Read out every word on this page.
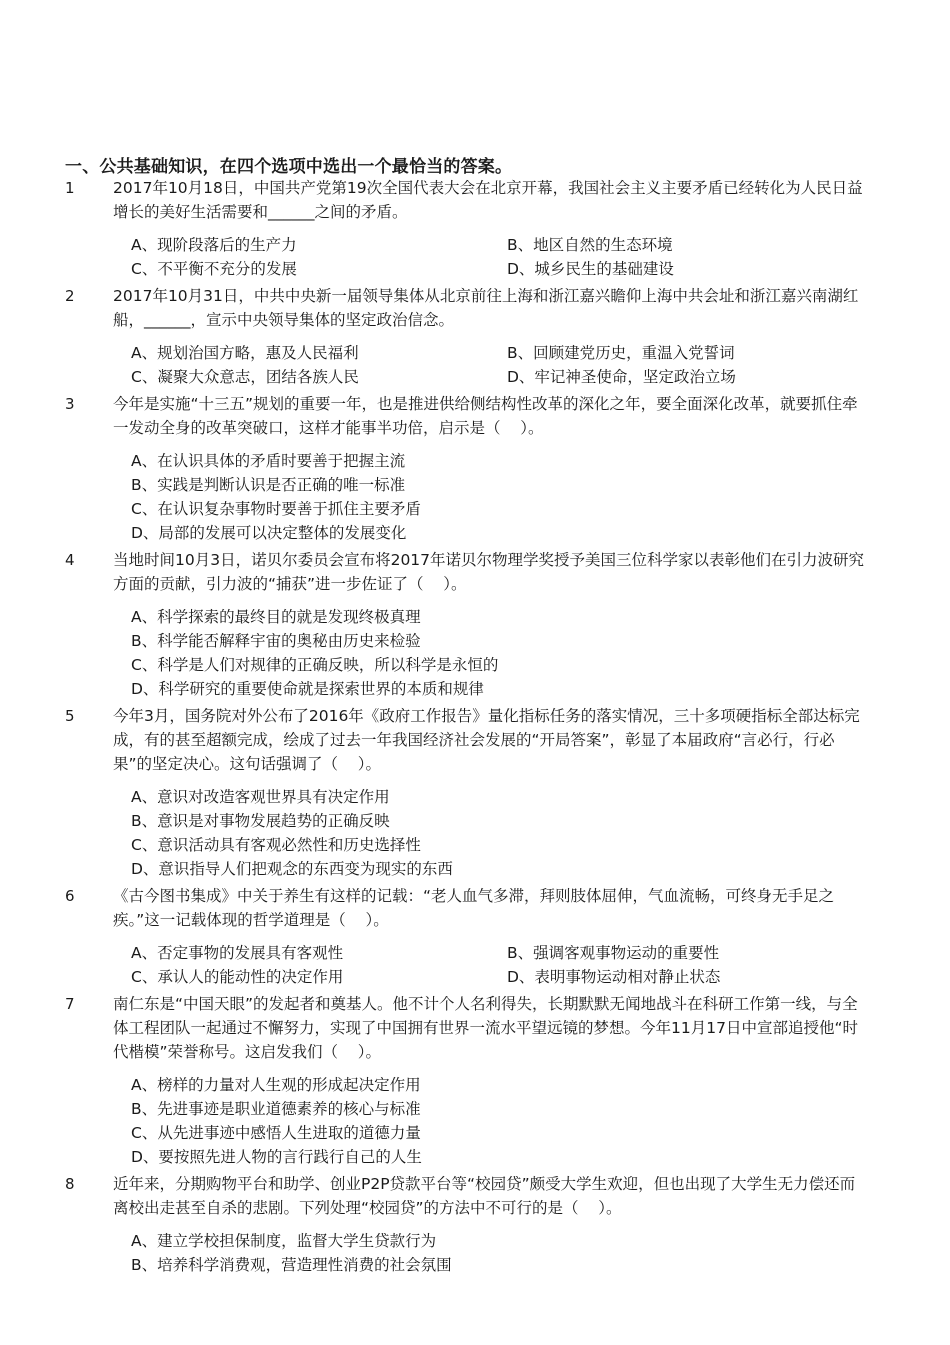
一、公共基础知识，在四个选项中选出一个最恰当的答案。
1 2017年10月18日，中国共产党第19次全国代表大会在北京开幕，我国社会主义主要矛盾已经转化为人民日益增长的美好生活需要和______之间的矛盾。
A、现阶段落后的生产力	B、地区自然的生态环境
C、不平衡不充分的发展	D、城乡民生的基础建设
2 2017年10月31日，中共中央新一届领导集体从北京前往上海和浙江嘉兴瞻仰上海中共会址和浙江嘉兴南湖红船，______，宣示中央领导集体的坚定政治信念。
A、规划治国方略，惠及人民福利	B、回顾建党历史，重温入党誓词
C、凝聚大众意志，团结各族人民	D、牢记神圣使命，坚定政治立场
3 今年是实施“十三五”规划的重要一年，也是推进供给侧结构性改革的深化之年，要全面深化改革，就要抓住牵一发动全身的改革突破口，这样才能事半功倍，启示是（    ）。
A、在认识具体的矛盾时要善于把握主流
B、实践是判断认识是否正确的唯一标准
C、在认识复杂事物时要善于抓住主要矛盾
D、局部的发展可以决定整体的发展变化
4 当地时间10月3日，诺贝尔委员会宣布将2017年诺贝尔物理学奖授予美国三位科学家以表彰他们在引力波研究方面的贡献，引力波的“捕获”进一步佐证了（    ）。
A、科学探索的最终目的就是发现终极真理
B、科学能否解释宇宙的奥秘由历史来检验
C、科学是人们对规律的正确反映，所以科学是永恒的
D、科学研究的重要使命就是探索世界的本质和规律
5 今年3月，国务院对外公布了2016年《政府工作报告》量化指标任务的落实情况，三十多项硬指标全部达标完成，有的甚至超额完成，绘成了过去一年我国经济社会发展的“开局答案”，彰显了本届政府“言必行，行必果”的坚定决心。这句话强调了（    ）。
A、意识对改造客观世界具有决定作用
B、意识是对事物发展趋势的正确反映
C、意识活动具有客观必然性和历史选择性
D、意识指导人们把观念的东西变为现实的东西
6 《古今图书集成》中关于养生有这样的记载：“老人血气多滞，拜则肢体屈伸，气血流畅，可终身无手足之疾。”这一记载体现的哲学道理是（    ）。
A、否定事物的发展具有客观性	B、强调客观事物运动的重要性
C、承认人的能动性的决定作用	D、表明事物运动相对静止状态
7 南仁东是“中国天眼”的发起者和奠基人。他不计个人名利得失，长期默默无闻地战斗在科研工作第一线，与全体工程团队一起通过不懈努力，实现了中国拥有世界一流水平望远镜的梦想。今年11月17日中宣部追授他“时代楷模”荣誉称号。这启发我们（    ）。
A、榜样的力量对人生观的形成起决定作用
B、先进事迹是职业道德素养的核心与标准
C、从先进事迹中感悟人生进取的道德力量
D、要按照先进人物的言行践行自己的人生
8 近年来，分期购物平台和助学、创业P2P贷款平台等“校园贷”颇受大学生欢迎，但也出现了大学生无力偿还而离校出走甚至自杀的悲剧。下列处理“校园贷”的方法中不可行的是（    ）。
A、建立学校担保制度，监督大学生贷款行为
B、培养科学消费观，营造理性消费的社会氛围
